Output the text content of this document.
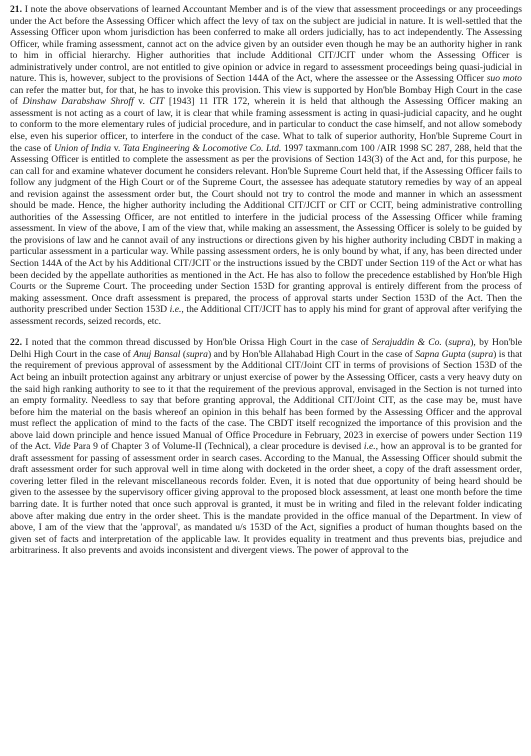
21. I note the above observations of learned Accountant Member and is of the view that assessment proceedings or any proceedings under the Act before the Assessing Officer which affect the levy of tax on the subject are judicial in nature. It is well-settled that the Assessing Officer upon whom jurisdiction has been conferred to make all orders judicially, has to act independently. The Assessing Officer, while framing assessment, cannot act on the advice given by an outsider even though he may be an authority higher in rank to him in official hierarchy. Higher authorities that include Additional CIT/JCIT under whom the Assessing Officer is administratively under control, are not entitled to give opinion or advice in regard to assessment proceedings being quasi-judicial in nature. This is, however, subject to the provisions of Section 144A of the Act, where the assessee or the Assessing Officer suo moto can refer the matter but, for that, he has to invoke this provision. This view is supported by Hon'ble Bombay High Court in the case of Dinshaw Darabshaw Shroff v. CIT [1943] 11 ITR 172, wherein it is held that although the Assessing Officer making an assessment is not acting as a court of law, it is clear that while framing assessment is acting in quasi-judicial capacity, and he ought to conform to the more elementary rules of judicial procedure, and in particular to conduct the case himself, and not allow somebody else, even his superior officer, to interfere in the conduct of the case. What to talk of superior authority, Hon'ble Supreme Court in the case of Union of India v. Tata Engineering & Locomotive Co. Ltd. 1997 taxmann.com 100 /AIR 1998 SC 287, 288, held that the Assessing Officer is entitled to complete the assessment as per the provisions of Section 143(3) of the Act and, for this purpose, he can call for and examine whatever document he considers relevant. Hon'ble Supreme Court held that, if the Assessing Officer fails to follow any judgment of the High Court or of the Supreme Court, the assessee has adequate statutory remedies by way of an appeal and revision against the assessment order but, the Court should not try to control the mode and manner in which an assessment should be made. Hence, the higher authority including the Additional CIT/JCIT or CIT or CCIT, being administrative controlling authorities of the Assessing Officer, are not entitled to interfere in the judicial process of the Assessing Officer while framing assessment. In view of the above, I am of the view that, while making an assessment, the Assessing Officer is solely to be guided by the provisions of law and he cannot avail of any instructions or directions given by his higher authority including CBDT in making a particular assessment in a particular way. While passing assessment orders, he is only bound by what, if any, has been directed under Section 144A of the Act by his Additional CIT/JCIT or the instructions issued by the CBDT under Section 119 of the Act or what has been decided by the appellate authorities as mentioned in the Act. He has also to follow the precedence established by Hon'ble High Courts or the Supreme Court. The proceeding under Section 153D for granting approval is entirely different from the process of making assessment. Once draft assessment is prepared, the process of approval starts under Section 153D of the Act. Then the authority prescribed under Section 153D i.e., the Additional CIT/JCIT has to apply his mind for grant of approval after verifying the assessment records, seized records, etc.

22. I noted that the common thread discussed by Hon'ble Orissa High Court in the case of Serajuddin & Co. (supra), by Hon'ble Delhi High Court in the case of Anuj Bansal (supra) and by Hon'ble Allahabad High Court in the case of Sapna Gupta (supra) is that the requirement of previous approval of assessment by the Additional CIT/Joint CIT in terms of provisions of Section 153D of the Act being an inbuilt protection against any arbitrary or unjust exercise of power by the Assessing Officer, casts a very heavy duty on the said high ranking authority to see to it that the requirement of the previous approval, envisaged in the Section is not turned into an empty formality. Needless to say that before granting approval, the Additional CIT/Joint CIT, as the case may be, must have before him the material on the basis whereof an opinion in this behalf has been formed by the Assessing Officer and the approval must reflect the application of mind to the facts of the case. The CBDT itself recognized the importance of this provision and the above laid down principle and hence issued Manual of Office Procedure in February, 2023 in exercise of powers under Section 119 of the Act. Vide Para 9 of Chapter 3 of Volume-II (Technical), a clear procedure is devised i.e., how an approval is to be granted for draft assessment for passing of assessment order in search cases. According to the Manual, the Assessing Officer should submit the draft assessment order for such approval well in time along with docketed in the order sheet, a copy of the draft assessment order, covering letter filed in the relevant miscellaneous records folder. Even, it is noted that due opportunity of being heard should be given to the assessee by the supervisory officer giving approval to the proposed block assessment, at least one month before the time barring date. It is further noted that once such approval is granted, it must be in writing and filed in the relevant folder indicating above after making due entry in the order sheet. This is the mandate provided in the office manual of the Department. In view of above, I am of the view that the 'approval', as mandated u/s 153D of the Act, signifies a product of human thoughts based on the given set of facts and interpretation of the applicable law. It provides equality in treatment and thus prevents bias, prejudice and arbitrariness. It also prevents and avoids inconsistent and divergent views. The power of approval to the
